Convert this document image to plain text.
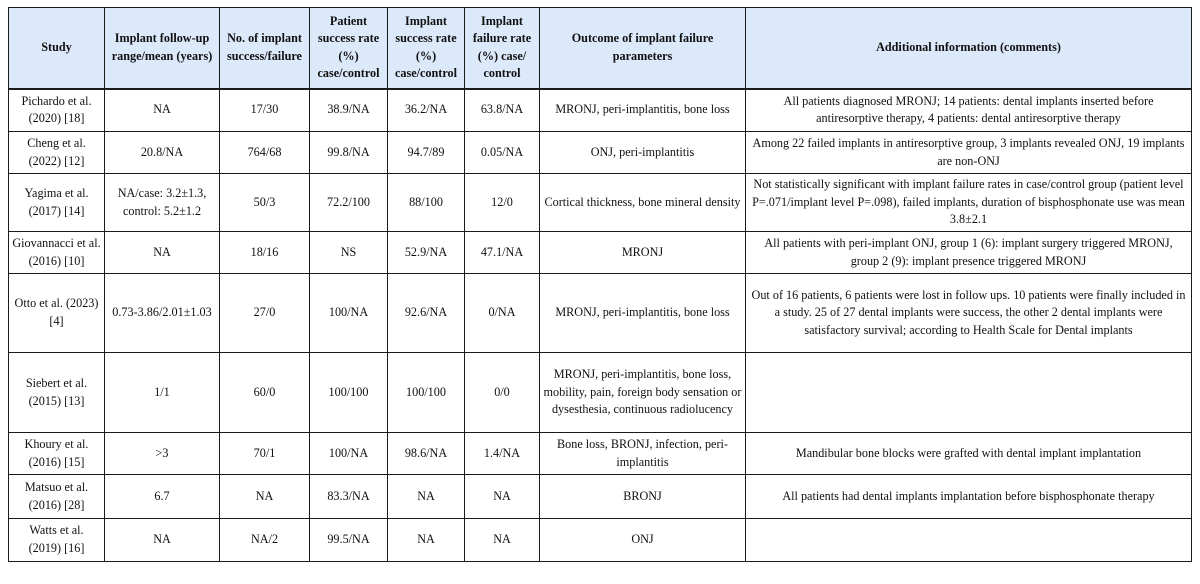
Study	Implant follow-up range/mean (years)	No. of implant success/failure	Patient success rate (%) case/control	Implant success rate (%) case/control	Implant failure rate (%) case/ control	Outcome of implant failure parameters	Additional information (comments)
Pichardo et al. (2020) [18]	NA	17/30	38.9/NA	36.2/NA	63.8/NA	MRONJ, peri-implantitis, bone loss	All patients diagnosed MRONJ; 14 patients: dental implants inserted before antiresorptive therapy, 4 patients: dental antiresorptive therapy
Cheng et al. (2022) [12]	20.8/NA	764/68	99.8/NA	94.7/89	0.05/NA	ONJ, peri-implantitis	Among 22 failed implants in antiresorptive group, 3 implants revealed ONJ, 19 implants are non-ONJ
Yagima et al. (2017) [14]	NA/case: 3.2±1.3, control: 5.2±1.2	50/3	72.2/100	88/100	12/0	Cortical thickness, bone mineral density	Not statistically significant with implant failure rates in case/control group (patient level P=.071/implant level P=.098), failed implants, duration of bisphosphonate use was mean 3.8±2.1
Giovannacci et al. (2016) [10]	NA	18/16	NS	52.9/NA	47.1/NA	MRONJ	All patients with peri-implant ONJ, group 1 (6): implant surgery triggered MRONJ, group 2 (9): implant presence triggered MRONJ
Otto et al. (2023) [4]	0.73-3.86/2.01±1.03	27/0	100/NA	92.6/NA	0/NA	MRONJ, peri-implantitis, bone loss	Out of 16 patients, 6 patients were lost in follow ups. 10 patients were finally included in a study. 25 of 27 dental implants were success, the other 2 dental implants were satisfactory survival; according to Health Scale for Dental implants
Siebert et al. (2015) [13]	1/1	60/0	100/100	100/100	0/0	MRONJ, peri-implantitis, bone loss, mobility, pain, foreign body sensation or dysesthesia, continuous radiolucency	
Khoury et al. (2016) [15]	>3	70/1	100/NA	98.6/NA	1.4/NA	Bone loss, BRONJ, infection, peri-implantitis	Mandibular bone blocks were grafted with dental implant implantation
Matsuo et al. (2016) [28]	6.7	NA	83.3/NA	NA	NA	BRONJ	All patients had dental implants implantation before bisphosphonate therapy
Watts et al. (2019) [16]	NA	NA/2	99.5/NA	NA	NA	ONJ	
